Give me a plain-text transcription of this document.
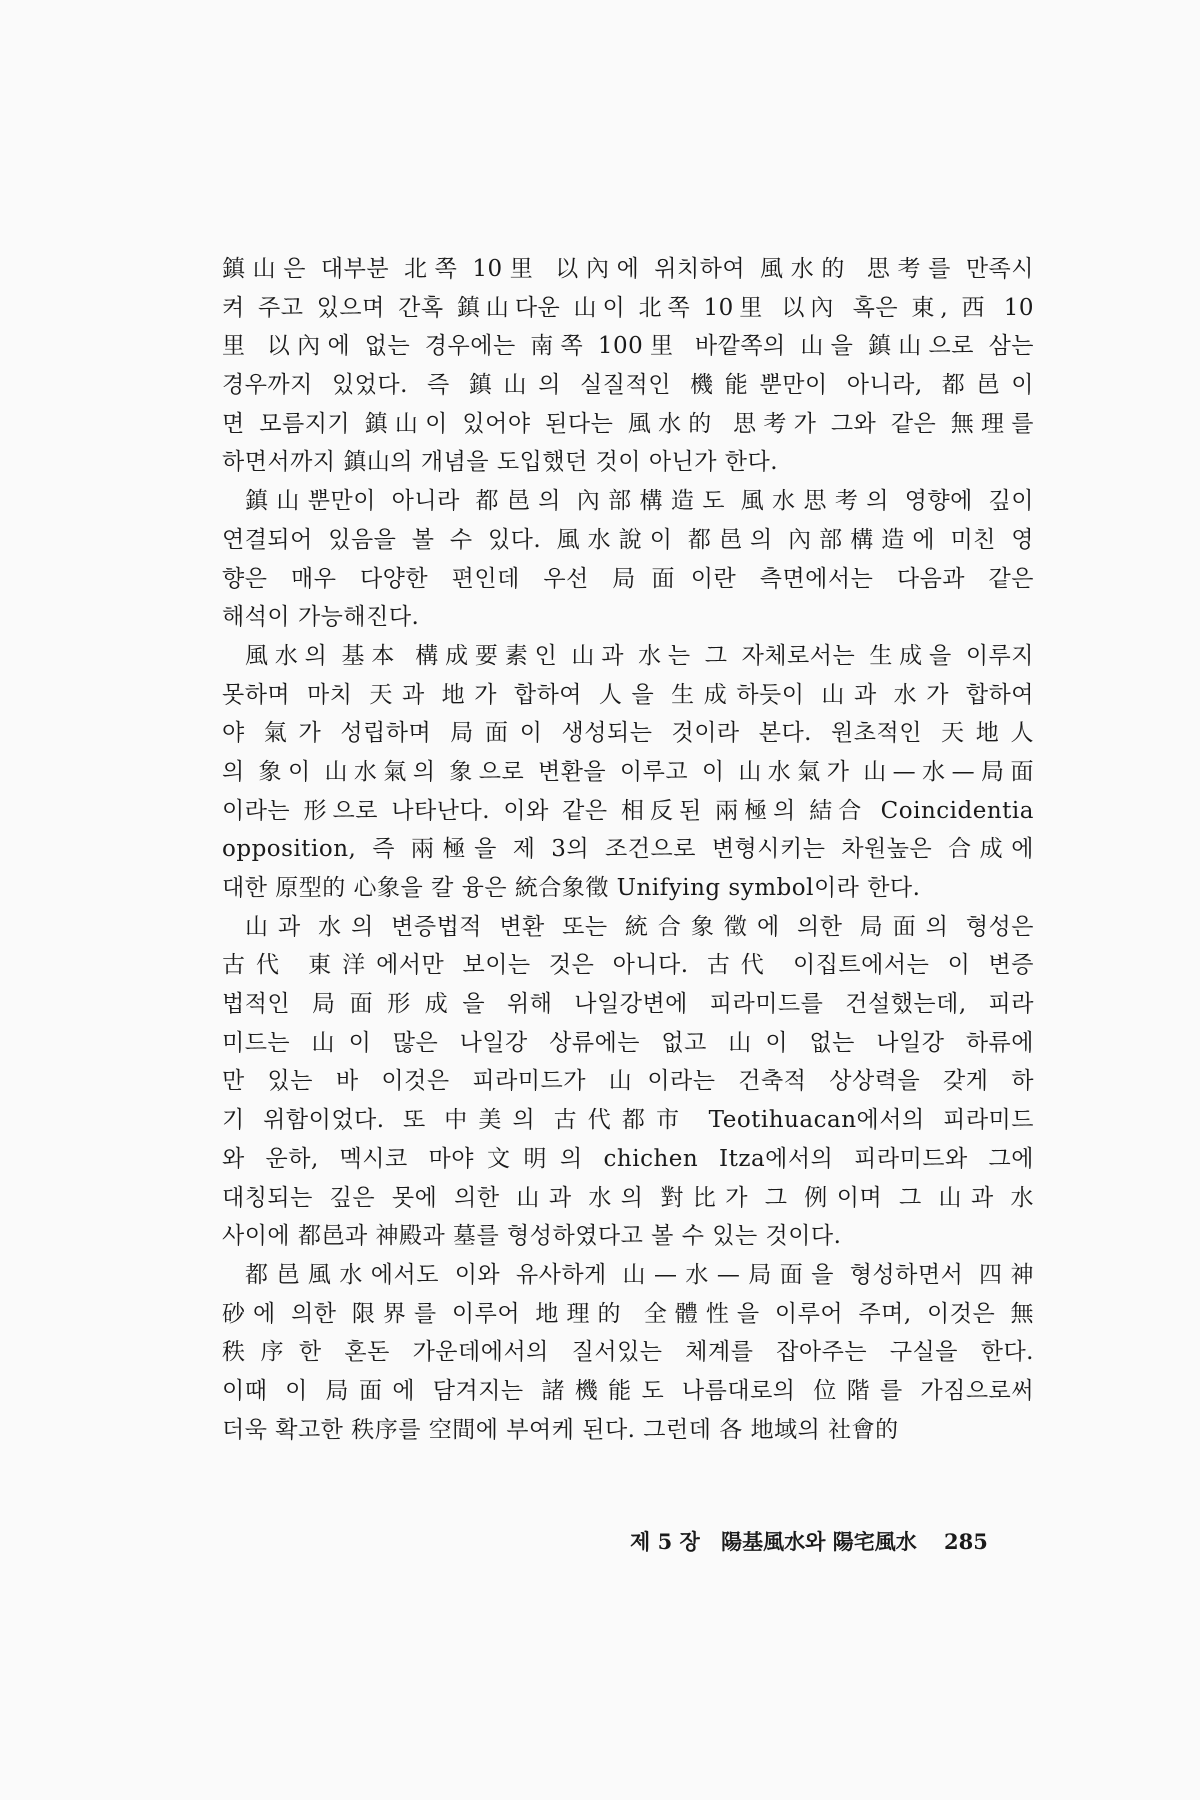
鎮山은 대부분 北쪽 10里 以內에 위치하여 風水的 思考를 만족시
켜 주고 있으며 간혹 鎮山다운 山이 北쪽 10里 以內 혹은 東, 西 10
里 以內에 없는 경우에는 南쪽 100里 바깥쪽의 山을 鎮山으로 삼는
경우까지 있었다. 즉 鎮山의 실질적인 機能뿐만이 아니라, 都邑이
면 모름지기 鎮山이 있어야 된다는 風水的 思考가 그와 같은 無理를
하면서까지 鎮山의 개념을 도입했던 것이 아닌가 한다.
鎮山뿐만이 아니라 都邑의 內部構造도 風水思考의 영향에 깊이
연결되어 있음을 볼 수 있다. 風水說이 都邑의 內部構造에 미친 영
향은 매우 다양한 편인데 우선 局面이란 측면에서는 다음과 같은
해석이 가능해진다.
風水의 基本 構成要素인 山과 水는 그 자체로서는 生成을 이루지
못하며 마치 天과 地가 합하여 人을 生成하듯이 山과 水가 합하여
야 氣가 성립하며 局面이 생성되는 것이라 본다. 원초적인 天地人
의 象이 山水氣의 象으로 변환을 이루고 이 山水氣가 山—水—局面
이라는 形으로 나타난다. 이와 같은 相反된 兩極의 結合 Coincidentia
opposition, 즉 兩極을 제 3의 조건으로 변형시키는 차원높은 合成에
대한 原型的 心象을 칼 융은 統合象徵 Unifying symbol이라 한다.
山과 水의 변증법적 변환 또는 統合象徵에 의한 局面의 형성은
古代 東洋에서만 보이는 것은 아니다. 古代 이집트에서는 이 변증
법적인 局面形成을 위해 나일강변에 피라미드를 건설했는데, 피라
미드는 山이 많은 나일강 상류에는 없고 山이 없는 나일강 하류에
만 있는 바 이것은 피라미드가 山이라는 건축적 상상력을 갖게 하
기 위함이었다. 또 中美의 古代都市 Teotihuacan에서의 피라미드
와 운하, 멕시코 마야文明의 chichen Itza에서의 피라미드와 그에
대칭되는 깊은 못에 의한 山과 水의 對比가 그 例이며 그 山과 水
사이에 都邑과 神殿과 墓를 형성하였다고 볼 수 있는 것이다.
都邑風水에서도 이와 유사하게 山—水—局面을 형성하면서 四神
砂에 의한 限界를 이루어 地理的 全體性을 이루어 주며, 이것은 無
秩序한 혼돈 가운데에서의 질서있는 체계를 잡아주는 구실을 한다.
이때 이 局面에 담겨지는 諸機能도 나름대로의 位階를 가짐으로써
더욱 확고한 秩序를 空間에 부여케 된다. 그런데 各 地域의 社會的
제 5 장 陽基風水와 陽宅風水 285
